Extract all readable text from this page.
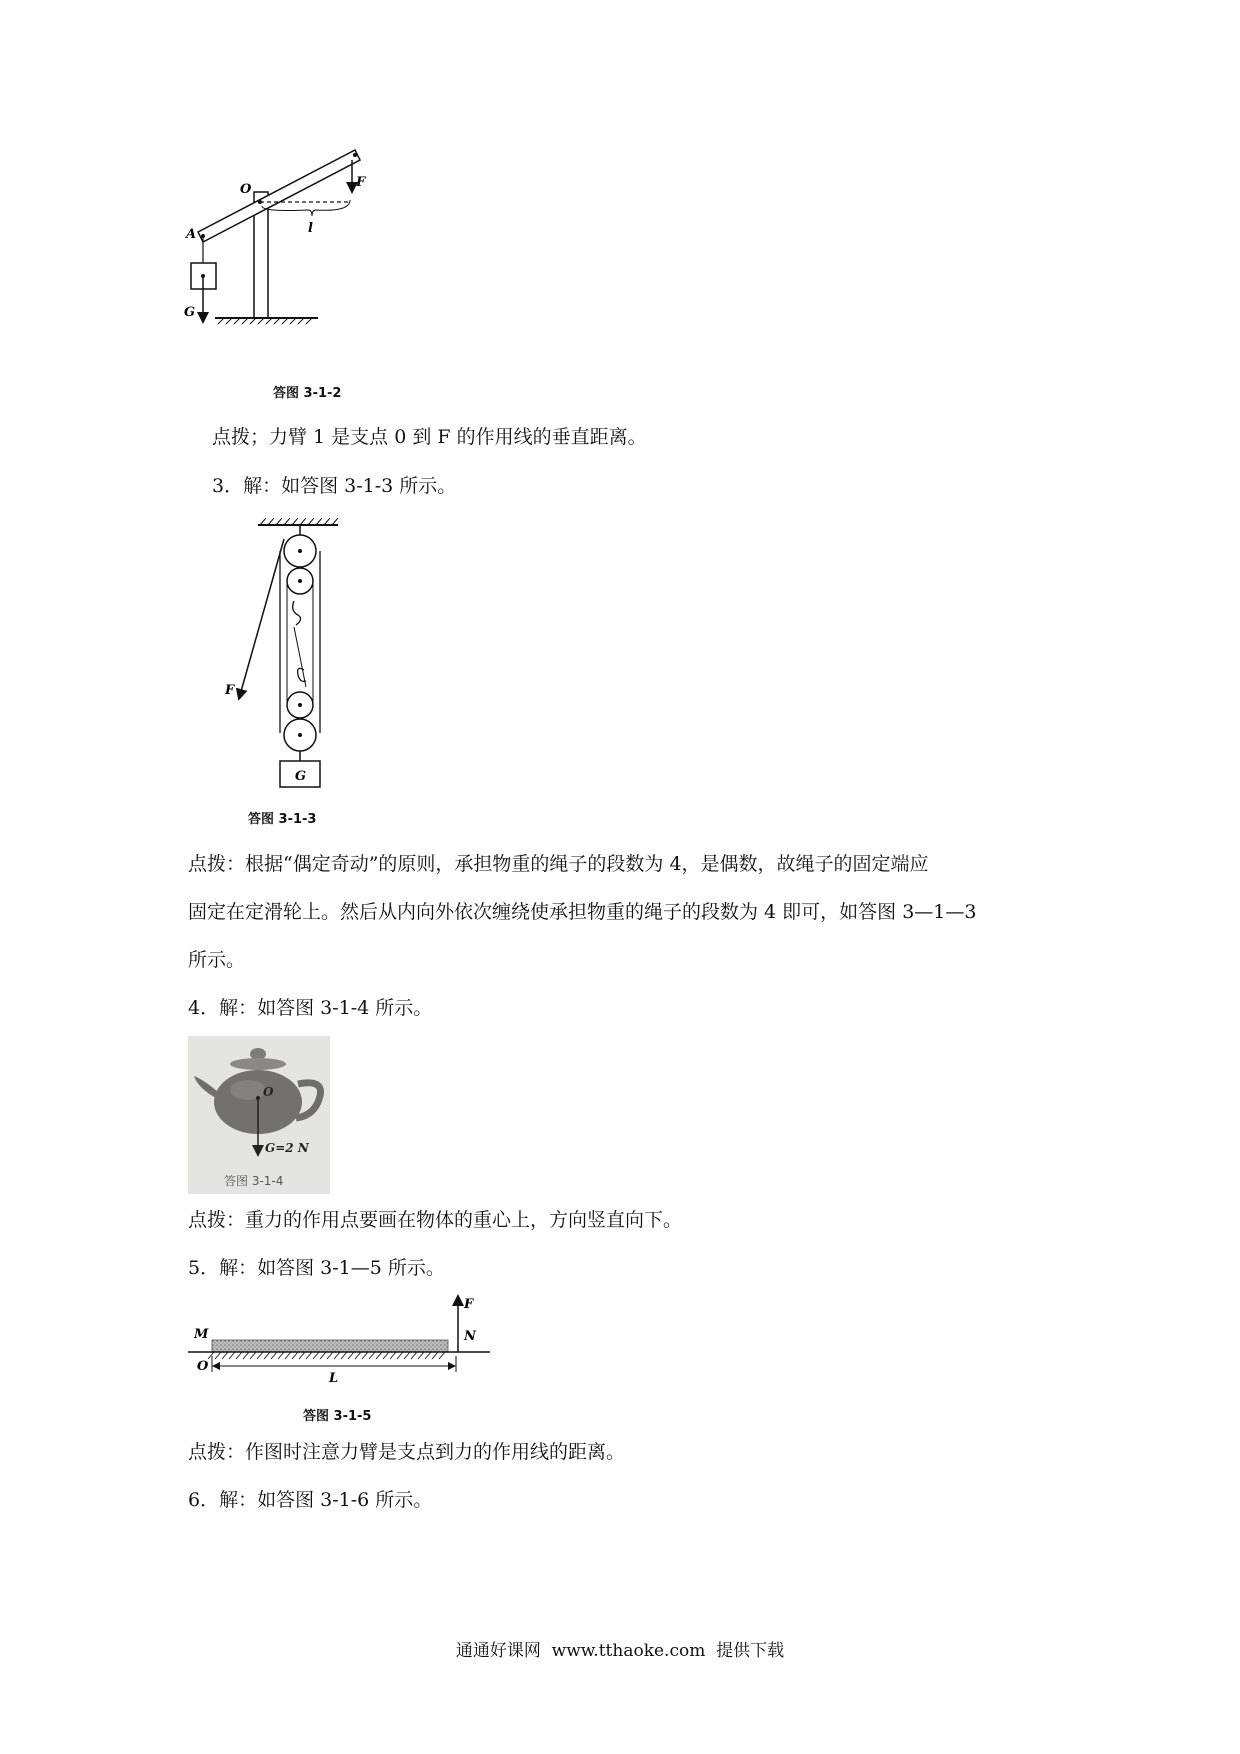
O	F
A	l
G
答图 3-1-2
点拨；力臂 1 是支点 0 到 F 的作用线的垂直距离。
3．解：如答图 3-1-3 所示。
G
F
答图 3-1-3
点拨：根据“偶定奇动”的原则，承担物重的绳子的段数为 4，是偶数，故绳子的固定端应
固定在定滑轮上。然后从内向外依次缠绕使承担物重的绳子的段数为 4 即可，如答图 3—1—3
所示。
4．解：如答图 3-1-4 所示。
O
G=2 N
答图 3-1-4
点拨：重力的作用点要画在物体的重心上，方向竖直向下。
5．解：如答图 3-1—5 所示。
M	N
F
O
L
答图 3-1-5
点拨：作图时注意力臂是支点到力的作用线的距离。
6．解：如答图 3-1-6 所示。
通通好课网  www.tthaoke.com  提供下载
